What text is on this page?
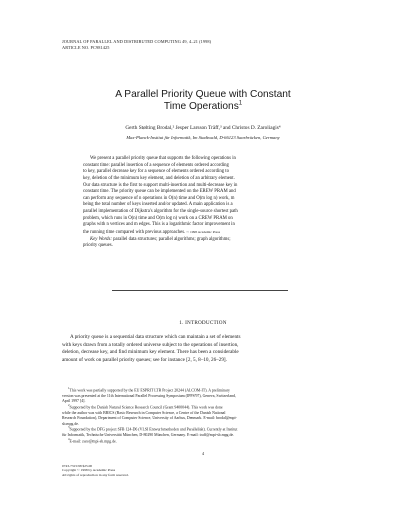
JOURNAL OF PARALLEL AND DISTRIBUTED COMPUTING 49, 4–21 (1998)
ARTICLE NO. PC981425
A Parallel Priority Queue with Constant
Time Operations$^1$
Gerth Stølting Brodal,² Jesper Larsson Träff,³ and Christos D. Zaroliagis⁴
Max-Planck-Institut für Informatik, Im Stadtwald, D-66123 Saarbrücken, Germany
We present a parallel priority queue that supports the following operations in
constant time: parallel insertion of a sequence of elements ordered according
to key, parallel decrease key for a sequence of elements ordered according to
key, deletion of the minimum key element, and deletion of an arbitrary element.
Our data structure is the first to support multi-insertion and multi-decrease key in
constant time. The priority queue can be implemented on the EREW PRAM and
can perform any sequence of n operations in O(n) time and O(m log n) work, m
being the total number of keys inserted and/or updated. A main application is a
parallel implementation of Dijkstra's algorithm for the single-source shortest path
problem, which runs in O(n) time and O(m log n) work on a CREW PRAM on
graphs with n vertices and m edges. This is a logarithmic factor improvement in
the running time compared with previous approaches. © 1998 Academic Press
Key Words: parallel data structures; parallel algorithms; graph algorithms;
priority queues.
1. INTRODUCTION
A priority queue is a sequential data structure which can maintain a set of elements
with keys drawn from a totally ordered universe subject to the operations of insertion,
deletion, decrease key, and find minimum key element. There has been a considerable
amount of work on parallel priority queues; see for instance [2, 5, 8–10, 26–29].
$^1$This work was partially supported by the EU ESPRIT LTR Project 20244 (ALCOM-IT). A preliminary
version was presented at the 11th International Parallel Processing Symposium (IPPS'97), Geneva, Switzerland,
April 1997 [4].
$^2$Supported by the Danish Natural Science Research Council (Grant 9400044). This work was done
while the author was with BRICS (Basic Research in Computer Science, a Centre of the Danish National
Research Foundation), Department of Computer Science, University of Aarhus, Denmark. E-mail: brodal@mpi-
sb.mpg.de.
$^3$Supported by the DFG project SFB 124-D6 (VLSI Entwurfsmethoden und Parallelität). Currently at Institut
für Informatik, Technische Universität München, D-80290 München, Germany. E-mail: traff@mpi-sb.mpg.de.
$^4$E-mail: zaro@mpi-sb.mpg.de.
4
0743-7315/98 $25.00
Copyright © 1998 by Academic Press
All rights of reproduction in any form reserved.
